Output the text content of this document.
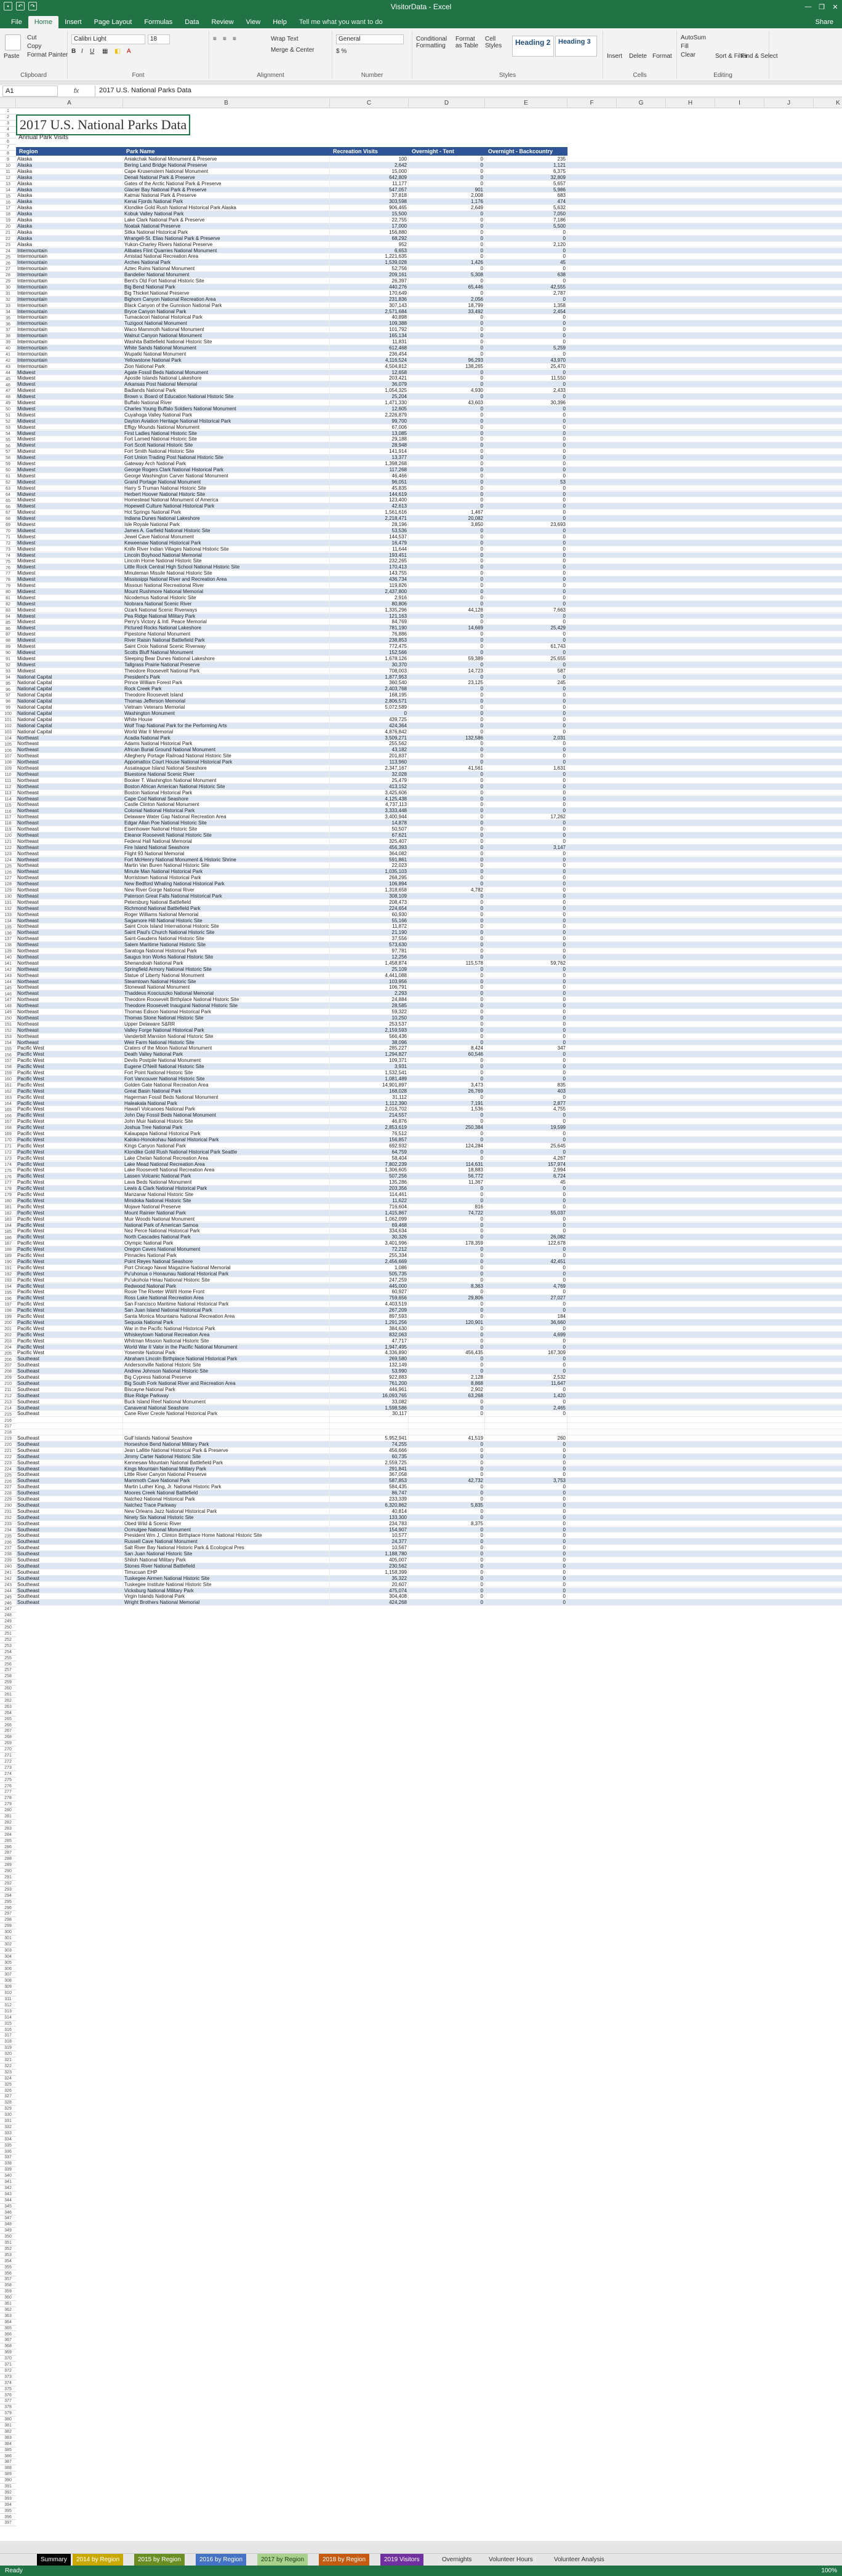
▪	↶	↷	VisitorData - Excel	—	❐	✕
File	Home	Insert	Page Layout	Formulas	Data	Review	View	Help	Tell me what you want to do	Share
Paste
Cut
Copy
Format Painter
Clipboard
Calibri Light	18
B I U ▦ ◧ A
Font
≡ ≡ ≡	Wrap Text
Merge & Center
Alignment
General
$ %
Number
Conditional Formatting
Format as Table
Cell Styles	Heading 2	Heading 3
Styles
Insert Delete Format
Cells
AutoSum
Fill
Clear	Sort & Filter
Find & Select
Editing
A1	fx	2017 U.S. National Parks Data
A	B	C	D	E	F	G	H	I	J	K
2017 U.S. National Parks Data
Annual Park Visits
Region	Park Name	Recreation Visits	Overnight - Tent	Overnight - Backcountry
1
2
3
4
5
6
7
8
9
10
11
12
13
14
15
16
17
18
19
20
21
22
23
24
25
26
27
28
29
30
31
32
33
34
35
36
37
38
39
40
41
42
43
44
45
46
47
48
49
50
51
52
53
54
55
56
57
58
59
60
61
62
63
64
65
66
67
68
69
70
71
72
73
74
75
76
77
78
79
80
81
82
83
84
85
86
87
88
89
90
91
92
93
94
95
96
97
98
99
100
101
102
103
104
105
106
107
108
109
110
111
112
113
114
115
116
117
118
119
120
121
122
123
124
125
126
127
128
129
130
131
132
133
134
135
136
137
138
139
140
141
142
143
144
145
146
147
148
149
150
151
152
153
154
155
156
157
158
159
160
161
162
163
164
165
166
167
168
169
170
171
172
173
174
175
176
177
178
179
180
181
182
183
184
185
186
187
188
189
190
191
192
193
194
195
196
197
198
199
200
201
202
203
204
205
206
207
208
209
210
211
212
213
214
215
216
217
218
219
220
221
222
223
224
225
226
227
228
229
230
231
232
233
234
235
236
237
238
239
240
241
242
243
244
245
246
247
248
249
250
251
252
253
254
255
256
257
258
259
260
261
262
263
264
265
266
267
268
269
270
271
272
273
274
275
276
277
278
279
280
281
282
283
284
285
286
287
288
289
290
291
292
293
294
295
296
297
298
299
300
301
302
303
304
305
306
307
308
309
310
311
312
313
314
315
316
317
318
319
320
321
322
323
324
325
326
327
328
329
330
331
332
333
334
335
336
337
338
339
340
341
342
343
344
345
346
347
348
349
350
351
352
353
354
355
356
357
358
359
360
361
362
363
364
365
366
367
368
369
370
371
372
373
374
375
376
377
378
379
380
381
382
383
384
385
386
387
388
389
390
391
392
393
394
395
396
397
Alaska	Aniakchak National Monument & Preserve	100	0	235
Alaska	Bering Land Bridge National Preserve	2,642	0	1,121
Alaska	Cape Krusenstern National Monument	15,000	0	6,375
Alaska	Denali National Park & Preserve	642,809	0	32,809
Alaska	Gates of the Arctic National Park & Preserve	11,177	0	5,657
Alaska	Glacier Bay National Park & Preserve	547,057	901	5,986
Alaska	Katmai National Park & Preserve	37,818	2,008	683
Alaska	Kenai Fjords National Park	303,598	1,176	474
Alaska	Klondike Gold Rush National Historical Park Alaska	906,465	2,649	5,632
Alaska	Kobuk Valley National Park	15,500	0	7,050
Alaska	Lake Clark National Park & Preserve	22,755	0	7,186
Alaska	Noatak National Preserve	17,000	0	5,500
Alaska	Sitka National Historical Park	156,880	0	0
Alaska	Wrangell-St. Elias National Park & Preserve	68,292	0	0
Alaska	Yukon-Charley Rivers National Preserve	952	0	2,120
Intermountain	Alibates Flint Quarries National Monument	6,653	0	0
Intermountain	Amistad National Recreation Area	1,221,635	0	0
Intermountain	Arches National Park	1,539,028	1,426	45
Intermountain	Aztec Ruins National Monument	52,756	0	0
Intermountain	Bandelier National Monument	209,161	5,308	638
Intermountain	Bent's Old Fort National Historic Site	26,397	0	0
Intermountain	Big Bend National Park	440,276	65,446	42,555
Intermountain	Big Thicket National Preserve	170,649	0	2,787
Intermountain	Bighorn Canyon National Recreation Area	231,836	2,056	0
Intermountain	Black Canyon of the Gunnison National Park	307,143	18,799	1,358
Intermountain	Bryce Canyon National Park	2,571,684	33,492	2,454
Intermountain	Tumacácori National Historical Park	40,898	0	0
Intermountain	Tuzigoot National Monument	109,388	0	0
Intermountain	Waco Mammoth National Monument	101,792	0	0
Intermountain	Walnut Canyon National Monument	165,134	0	0
Intermountain	Washita Battlefield National Historic Site	11,831	0	0
Intermountain	White Sands National Monument	612,468	0	5,259
Intermountain	Wupatki National Monument	236,454	0	0
Intermountain	Yellowstone National Park	4,116,524	96,293	43,970
Intermountain	Zion National Park	4,504,812	138,265	25,470
Midwest	Agate Fossil Beds National Monument	12,658	0	0
Midwest	Apostle Islands National Lakeshore	203,421	0	11,550
Midwest	Arkansas Post National Memorial	36,079	0	0
Midwest	Badlands National Park	1,054,325	4,930	2,433
Midwest	Brown v. Board of Education National Historic Site	25,204	0	0
Midwest	Buffalo National River	1,471,330	43,603	30,396
Midwest	Charles Young Buffalo Soldiers National Monument	12,605	0	0
Midwest	Cuyahoga Valley National Park	2,226,879	0	0
Midwest	Dayton Aviation Heritage National Historical Park	99,700	0	0
Midwest	Effigy Mounds National Monument	67,006	0	0
Midwest	First Ladies National Historic Site	13,085	0	0
Midwest	Fort Larned National Historic Site	29,188	0	0
Midwest	Fort Scott National Historic Site	28,948	0	0
Midwest	Fort Smith National Historic Site	141,914	0	0
Midwest	Fort Union Trading Post National Historic Site	13,377	0	0
Midwest	Gateway Arch National Park	1,398,268	0	0
Midwest	George Rogers Clark National Historical Park	117,268	0	0
Midwest	George Washington Carver National Monument	46,466	0	0
Midwest	Grand Portage National Monument	96,051	0	53
Midwest	Harry S Truman National Historic Site	45,835	0	0
Midwest	Herbert Hoover National Historic Site	144,619	0	0
Midwest	Homestead National Monument of America	123,400	0	0
Midwest	Hopewell Culture National Historical Park	42,613	0	0
Midwest	Hot Springs National Park	1,561,616	1,467	0
Midwest	Indiana Dunes National Lakeshore	2,218,471	20,082	0
Midwest	Isle Royale National Park	28,196	3,850	23,693
Midwest	James A. Garfield National Historic Site	53,536	0	0
Midwest	Jewel Cave National Monument	144,537	0	0
Midwest	Keweenaw National Historical Park	16,479	0	0
Midwest	Knife River Indian Villages National Historic Site	11,644	0	0
Midwest	Lincoln Boyhood National Memorial	193,451	0	0
Midwest	Lincoln Home National Historic Site	232,265	0	0
Midwest	Little Rock Central High School National Historic Site	170,413	0	0
Midwest	Minuteman Missile National Historic Site	143,755	0	0
Midwest	Mississippi National River and Recreation Area	436,734	0	0
Midwest	Missouri National Recreational River	119,826	0	0
Midwest	Mount Rushmore National Memorial	2,437,800	0	0
Midwest	Nicodemus National Historic Site	2,916	0	0
Midwest	Niobrara National Scenic River	80,806	0	0
Midwest	Ozark National Scenic Riverways	1,335,296	44,128	7,663
Midwest	Pea Ridge National Military Park	121,163	0	0
Midwest	Perry's Victory & Intl. Peace Memorial	84,769	0	0
Midwest	Pictured Rocks National Lakeshore	781,190	14,669	25,429
Midwest	Pipestone National Monument	76,886	0	0
Midwest	River Raisin National Battlefield Park	238,853	0	0
Midwest	Saint Croix National Scenic Riverway	772,475	0	61,743
Midwest	Scotts Bluff National Monument	152,566	0	0
Midwest	Sleeping Bear Dunes National Lakeshore	1,678,126	59,389	25,655
Midwest	Tallgrass Prairie National Preserve	30,370	0	0
Midwest	Theodore Roosevelt National Park	708,003	14,723	587
National Capital	President's Park	1,877,953	0	0
National Capital	Prince William Forest Park	360,540	23,125	245
National Capital	Rock Creek Park	2,403,768	0	0
National Capital	Theodore Roosevelt Island	168,195	0	0
National Capital	Thomas Jefferson Memorial	2,806,571	0	0
National Capital	Vietnam Veterans Memorial	5,072,589	0	0
National Capital	Washington Monument	0	0	0
National Capital	White House	439,725	0	0
National Capital	Wolf Trap National Park for the Performing Arts	424,364	0	0
National Capital	World War II Memorial	4,876,842	0	0
Northeast	Acadia National Park	3,509,271	132,586	2,031
Northeast	Adams National Historical Park	255,562	0	0
Northeast	African Burial Ground National Monument	43,182	0	0
Northeast	Allegheny Portage Railroad National Historic Site	201,837	0	0
Northeast	Appomattox Court House National Historical Park	113,960	0	0
Northeast	Assateague Island National Seashore	2,347,167	41,561	1,631
Northeast	Bluestone National Scenic River	32,028	0	0
Northeast	Booker T. Washington National Monument	25,479	0	0
Northeast	Boston African American National Historic Site	413,152	0	0
Northeast	Boston National Historical Park	3,425,606	0	0
Northeast	Cape Cod National Seashore	4,125,438	0	0
Northeast	Castle Clinton National Monument	4,737,113	0	0
Northeast	Colonial National Historical Park	3,333,448	0	0
Northeast	Delaware Water Gap National Recreation Area	3,400,944	0	17,262
Northeast	Edgar Allan Poe National Historic Site	14,878	0	0
Northeast	Eisenhower National Historic Site	50,507	0	0
Northeast	Eleanor Roosevelt National Historic Site	67,621	0	0
Northeast	Federal Hall National Memorial	325,407	0	0
Northeast	Fire Island National Seashore	456,393	0	3,147
Northeast	Flight 93 National Memorial	364,082	0	0
Northeast	Fort McHenry National Monument & Historic Shrine	591,861	0	0
Northeast	Martin Van Buren National Historic Site	22,023	0	0
Northeast	Minute Man National Historical Park	1,035,103	0	0
Northeast	Morristown National Historical Park	268,295	0	0
Northeast	New Bedford Whaling National Historical Park	106,894	0	0
Northeast	New River Gorge National River	1,318,658	4,782	0
Northeast	Paterson Great Falls National Historical Park	308,109	0	0
Northeast	Petersburg National Battlefield	208,473	0	0
Northeast	Richmond National Battlefield Park	224,654	0	0
Northeast	Roger Williams National Memorial	60,930	0	0
Northeast	Sagamore Hill National Historic Site	55,166	0	0
Northeast	Saint Croix Island International Historic Site	11,872	0	0
Northeast	Saint Paul's Church National Historic Site	21,190	0	0
Northeast	Saint-Gaudens National Historic Site	37,556	0	0
Northeast	Salem Maritime National Historic Site	573,630	0	0
Northeast	Saratoga National Historical Park	97,781	0	0
Northeast	Saugus Iron Works National Historic Site	12,256	0	0
Northeast	Shenandoah National Park	1,458,874	115,578	59,762
Northeast	Springfield Armory National Historic Site	25,109	0	0
Northeast	Statue of Liberty National Monument	4,441,088	0	0
Northeast	Steamtown National Historic Site	103,956	0	0
Northeast	Stonewall National Monument	106,791	0	0
Northeast	Thaddeus Kosciuszko National Memorial	2,293	0	0
Northeast	Theodore Roosevelt Birthplace National Historic Site	24,884	0	0
Northeast	Theodore Roosevelt Inaugural National Historic Site	28,585	0	0
Northeast	Thomas Edison National Historical Park	59,322	0	0
Northeast	Thomas Stone National Historic Site	10,250	0	0
Northeast	Upper Delaware S&RR	253,537	0	0
Northeast	Valley Forge National Historical Park	2,159,593	0	0
Northeast	Vanderbilt Mansion National Historic Site	566,436	0	0
Northeast	Weir Farm National Historic Site	38,096	0	0
Pacific West	Craters of the Moon National Monument	285,227	8,424	347
Pacific West	Death Valley National Park	1,294,827	60,546	0
Pacific West	Devils Postpile National Monument	109,371	0	0
Pacific West	Eugene O'Neill National Historic Site	3,931	0	0
Pacific West	Fort Point National Historic Site	1,532,541	0	0
Pacific West	Fort Vancouver National Historic Site	1,081,489	0	0
Pacific West	Golden Gate National Recreation Area	14,901,897	3,473	835
Pacific West	Great Basin National Park	168,028	26,769	403
Pacific West	Hagerman Fossil Beds National Monument	31,112	0	0
Pacific West	Haleakala National Park	1,112,390	7,191	2,877
Pacific West	Hawai'i Volcanoes National Park	2,016,702	1,536	4,755
Pacific West	John Day Fossil Beds National Monument	214,557	0	0
Pacific West	John Muir National Historic Site	46,876	0	0
Pacific West	Joshua Tree National Park	2,853,619	250,384	19,599
Pacific West	Kalaupapa National Historical Park	76,512	0	0
Pacific West	Kaloko-Honokohau National Historical Park	156,857	0	0
Pacific West	Kings Canyon National Park	692,932	124,284	25,645
Pacific West	Klondike Gold Rush National Historical Park Seattle	64,759	0	0
Pacific West	Lake Chelan National Recreation Area	58,404	0	4,267
Pacific West	Lake Mead National Recreation Area	7,802,239	114,631	157,974
Pacific West	Lake Roosevelt National Recreation Area	1,306,605	18,883	2,994
Pacific West	Lassen Volcanic National Park	507,256	56,772	6,724
Pacific West	Lava Beds National Monument	135,286	11,367	45
Pacific West	Lewis & Clark National Historical Park	203,356	0	0
Pacific West	Manzanar National Historic Site	114,461	0	0
Pacific West	Minidoka National Historic Site	11,622	0	0
Pacific West	Mojave National Preserve	716,604	816	0
Pacific West	Mount Rainier National Park	1,415,867	74,722	55,037
Pacific West	Muir Woods National Monument	1,062,099	0	0
Pacific West	National Park of American Samoa	69,468	0	0
Pacific West	Nez Perce National Historical Park	334,634	0	0
Pacific West	North Cascades National Park	30,326	0	26,082
Pacific West	Olympic National Park	3,401,996	178,359	122,678
Pacific West	Oregon Caves National Monument	72,212	0	0
Pacific West	Pinnacles National Park	255,334	0	0
Pacific West	Point Reyes National Seashore	2,456,669	0	42,451
Pacific West	Port Chicago Naval Magazine National Memorial	1,086	0	0
Pacific West	Pu'uhonua o Honaunau National Historical Park	505,735	0	0
Pacific West	Pu'ukohola Heiau National Historic Site	247,259	0	0
Pacific West	Redwood National Park	445,000	8,363	4,769
Pacific West	Rosie The Riveter WWII Home Front	60,927	0	0
Pacific West	Ross Lake National Recreation Area	759,656	29,806	27,027
Pacific West	San Francisco Maritime National Historical Park	4,403,519	0	0
Pacific West	San Juan Island National Historical Park	267,209	0	0
Pacific West	Santa Monica Mountains National Recreation Area	897,593	0	184
Pacific West	Sequoia National Park	1,291,256	120,901	36,660
Pacific West	War in the Pacific National Historical Park	384,630	0	0
Pacific West	Whiskeytown National Recreation Area	832,063	0	4,699
Pacific West	Whitman Mission National Historic Site	47,717	0	0
Pacific West	World War II Valor in the Pacific National Monument	1,947,495	0	0
Pacific West	Yosemite National Park	4,336,890	456,435	167,309
Southeast	Abraham Lincoln Birthplace National Historical Park	269,580	0	0
Southeast	Andersonville National Historic Site	132,149	0	0
Southeast	Andrew Johnson National Historic Site	53,990	0	0
Southeast	Big Cypress National Preserve	922,883	2,128	2,532
Southeast	Big South Fork National River and Recreation Area	761,200	8,868	11,647
Southeast	Biscayne National Park	446,961	2,902	0
Southeast	Blue Ridge Parkway	16,093,765	63,268	1,420
Southeast	Buck Island Reef National Monument	33,082	0	0
Southeast	Canaveral National Seashore	1,598,586	0	2,465
Southeast	Cane River Creole National Historical Park	30,117	0	0
Southeast	Gulf Islands National Seashore	5,952,941	41,519	260
Southeast	Horseshoe Bend National Military Park	74,255	0	0
Southeast	Jean Lafitte National Historical Park & Preserve	456,666	0	0
Southeast	Jimmy Carter National Historic Site	60,735	0	0
Southeast	Kennesaw Mountain National Battlefield Park	2,559,725	0	0
Southeast	Kings Mountain National Military Park	291,841	0	0
Southeast	Little River Canyon National Preserve	367,058	0	0
Southeast	Mammoth Cave National Park	587,853	42,732	3,753
Southeast	Martin Luther King, Jr. National Historic Park	584,435	0	0
Southeast	Moores Creek National Battlefield	86,747	0	0
Southeast	Natchez National Historical Park	233,339	0	0
Southeast	Natchez Trace Parkway	6,320,862	5,835	0
Southeast	New Orleans Jazz National Historical Park	40,814	0	0
Southeast	Ninety Six National Historic Site	133,300	0	0
Southeast	Obed Wild & Scenic River	234,783	8,375	0
Southeast	Ocmulgee National Monument	154,907	0	0
Southeast	President Wm J. Clinton Birthplace Home National Historic Site	10,577	0	0
Southeast	Russell Cave National Monument	24,377	0	0
Southeast	Salt River Bay National Historic Park & Ecological Pres	10,567	0	0
Southeast	San Juan National Historic Site	1,188,780	0	0
Southeast	Shiloh National Military Park	405,007	0	0
Southeast	Stones River National Battlefield	230,562	0	0
Southeast	Timucuan EHP	1,158,399	0	0
Southeast	Tuskegee Airmen National Historic Site	35,322	0	0
Southeast	Tuskegee Institute National Historic Site	20,607	0	0
Southeast	Vicksburg National Military Park	475,074	0	0
Southeast	Virgin Islands National Park	304,408	0	0
Southeast	Wright Brothers National Memorial	424,268	0	0
Summary	2014 by Region	2015 by Region	2016 by Region	2017 by Region	2018 by Region	2019 Visitors	Overnights	Volunteer Hours	Volunteer Analysis
Ready	100%
